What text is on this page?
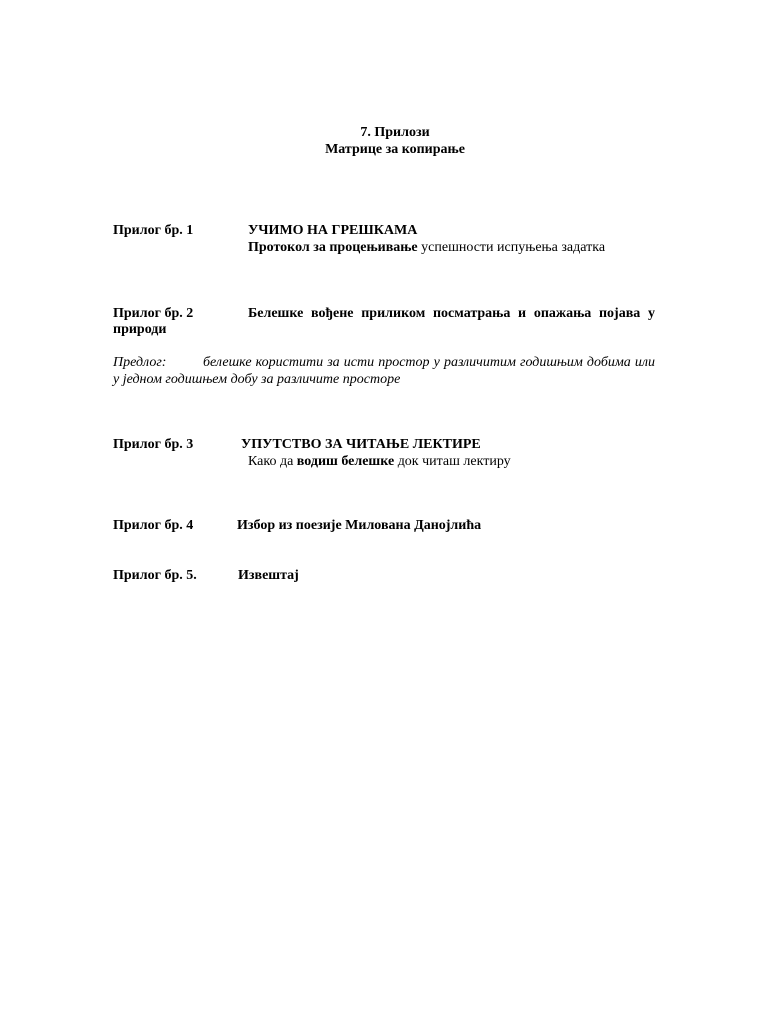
7. Прилози
Матрице за копирање
Прилог бр. 1	УЧИМО НА ГРЕШКАМА
Протокол за процењивање успешности испуњења задатка
Прилог бр. 2	Белешке вођене приликом посматрања и опажања појава у
природи
Предлог:	белешке користити за исти простор у различитим годишњим добима или
у једном годишњем добу за различите просторе
Прилог бр. 3	УПУТСТВО ЗА ЧИТАЊЕ ЛЕКТИРЕ
Како да водиш белешке док читаш лектиру
Прилог бр. 4	Избор из поезије Милована Данојлића
Прилог бр. 5.	Извештај
